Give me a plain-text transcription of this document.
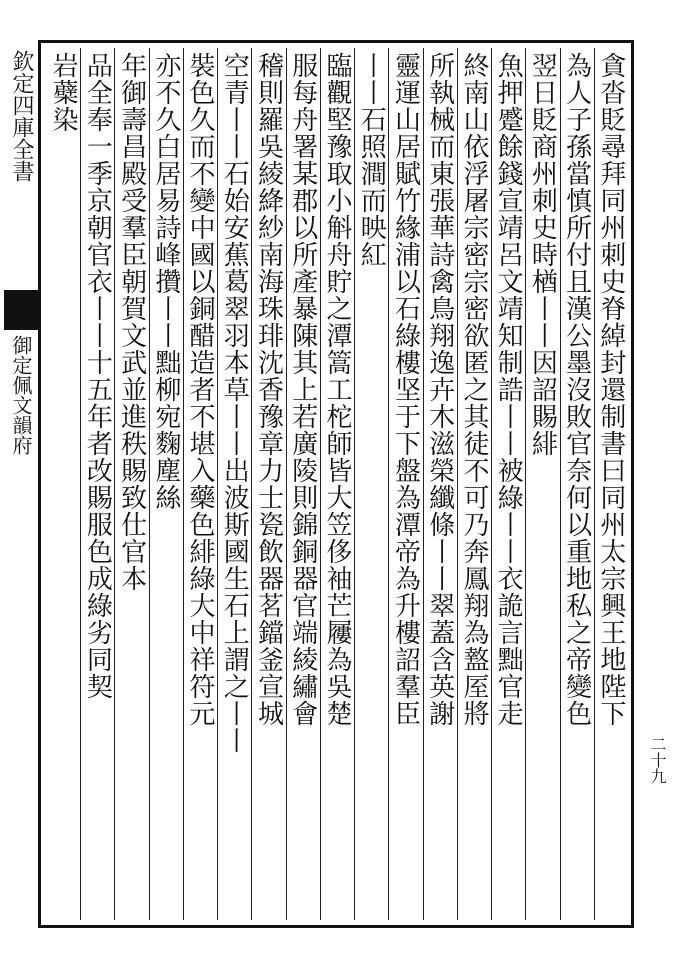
欽定四庫全書
御定佩文韻府
二十九
貪沓貶尋拜同州刺史脊綽封還制書曰同州太宗興王地陛下
為人子孫當慎所付且漢公墨沒敗官奈何以重地私之帝變色
翌日貶商州刺史時楢丨丨因詔賜緋
魚押蹙餘錢宣靖呂文靖知制誥丨丨被綠丨丨衣詭言黜官走
終南山依浮屠宗密宗密欲匿之其徒不可乃奔鳳翔為盩厔將
所執械而東張華詩禽鳥翔逸卉木滋榮纖條丨丨翠蓋含英謝
靈運山居賦竹緣浦以石綠樓坚于下盤為潭帝為升樓詔羣臣
丨丨石照澗而映紅
臨觀堅豫取小斛舟貯之潭篙工柁師皆大笠侈袖芒屨為吳楚
服每舟署某郡以所產暴陳其上若廣陵則錦銅器官端綾繡會
稽則羅吳綾絳紗南海珠琲沈香豫章力士瓷飲器茗鐺釜宣城
空青丨丨石始安蕉葛翠羽本草丨丨出波斯國生石上謂之丨丨
裝色久而不變中國以銅醋造者不堪入藥色緋綠大中祥符元
亦不久白居易詩峰攢丨丨黜柳宛麴塵絲
年御壽昌殿受羣臣朝賀文武並進秩賜致仕官本
品全奉一季京朝官衣丨丨十五年者改賜服色成綠劣同契
岩蘗染
